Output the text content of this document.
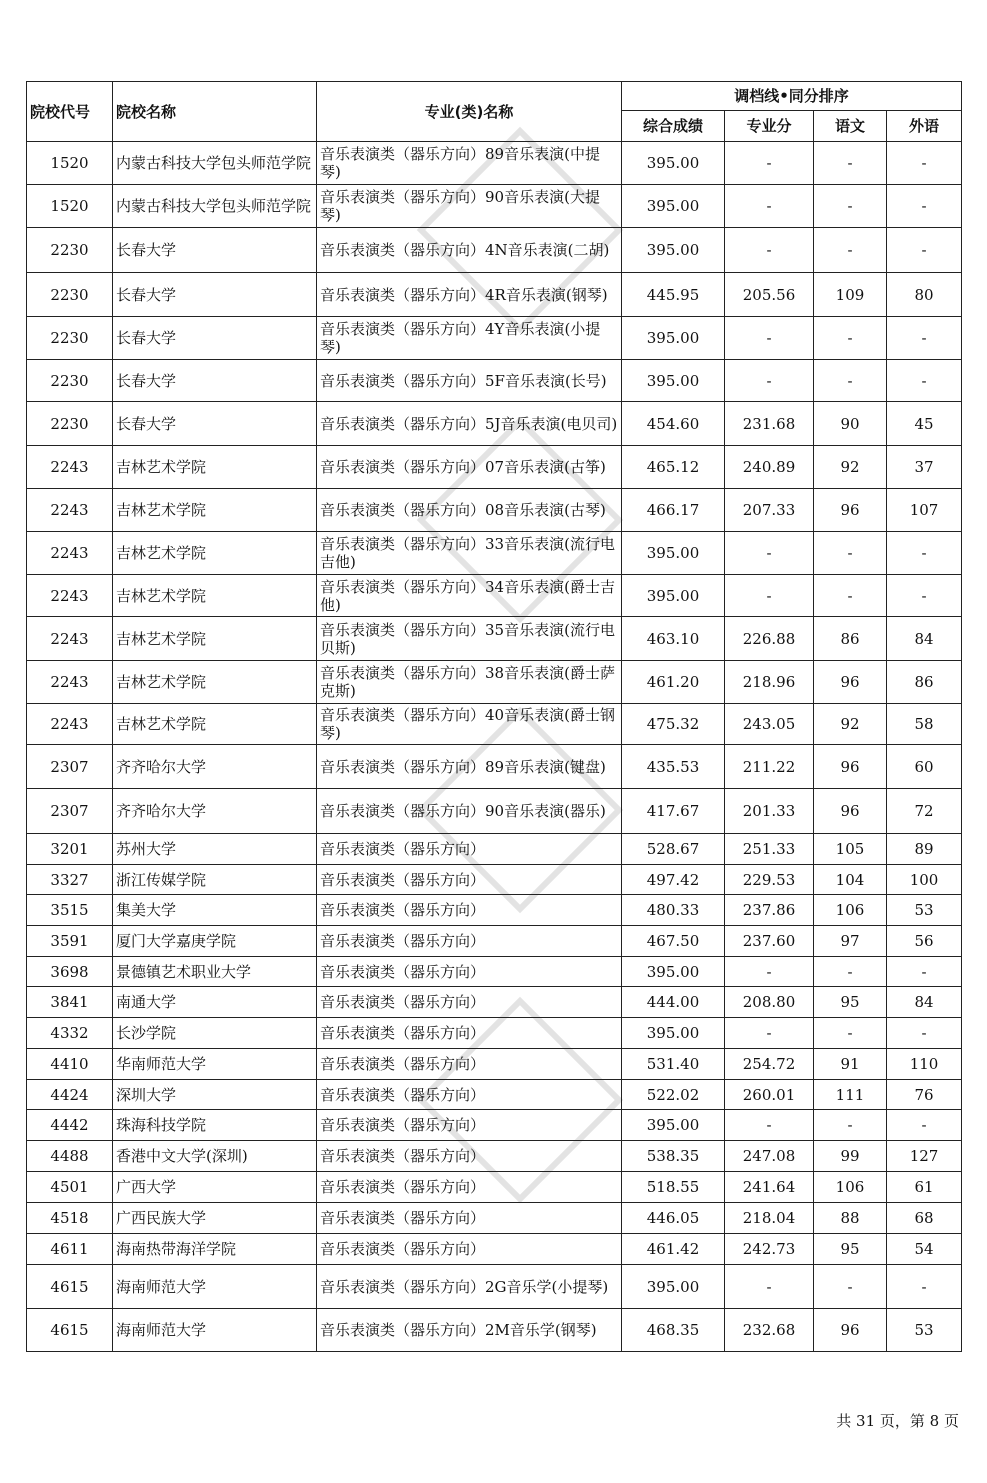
院校代号	院校名称	专业(类)名称	调档线•同分排序			
			综合成绩	专业分	语文	外语
1520	内蒙古科技大学包头师范学院	音乐表演类（器乐方向）89音乐表演(中提琴)	395.00	-	-	-
1520	内蒙古科技大学包头师范学院	音乐表演类（器乐方向）90音乐表演(大提琴)	395.00	-	-	-
2230	长春大学	音乐表演类（器乐方向）4N音乐表演(二胡)	395.00	-	-	-
2230	长春大学	音乐表演类（器乐方向）4R音乐表演(钢琴)	445.95	205.56	109	80
2230	长春大学	音乐表演类（器乐方向）4Y音乐表演(小提琴)	395.00	-	-	-
2230	长春大学	音乐表演类（器乐方向）5F音乐表演(长号)	395.00	-	-	-
2230	长春大学	音乐表演类（器乐方向）5J音乐表演(电贝司)	454.60	231.68	90	45
2243	吉林艺术学院	音乐表演类（器乐方向）07音乐表演(古筝)	465.12	240.89	92	37
2243	吉林艺术学院	音乐表演类（器乐方向）08音乐表演(古琴)	466.17	207.33	96	107
2243	吉林艺术学院	音乐表演类（器乐方向）33音乐表演(流行电吉他)	395.00	-	-	-
2243	吉林艺术学院	音乐表演类（器乐方向）34音乐表演(爵士吉他)	395.00	-	-	-
2243	吉林艺术学院	音乐表演类（器乐方向）35音乐表演(流行电贝斯)	463.10	226.88	86	84
2243	吉林艺术学院	音乐表演类（器乐方向）38音乐表演(爵士萨克斯)	461.20	218.96	96	86
2243	吉林艺术学院	音乐表演类（器乐方向）40音乐表演(爵士钢琴)	475.32	243.05	92	58
2307	齐齐哈尔大学	音乐表演类（器乐方向）89音乐表演(键盘)	435.53	211.22	96	60
2307	齐齐哈尔大学	音乐表演类（器乐方向）90音乐表演(器乐)	417.67	201.33	96	72
3201	苏州大学	音乐表演类（器乐方向）	528.67	251.33	105	89
3327	浙江传媒学院	音乐表演类（器乐方向）	497.42	229.53	104	100
3515	集美大学	音乐表演类（器乐方向）	480.33	237.86	106	53
3591	厦门大学嘉庚学院	音乐表演类（器乐方向）	467.50	237.60	97	56
3698	景德镇艺术职业大学	音乐表演类（器乐方向）	395.00	-	-	-
3841	南通大学	音乐表演类（器乐方向）	444.00	208.80	95	84
4332	长沙学院	音乐表演类（器乐方向）	395.00	-	-	-
4410	华南师范大学	音乐表演类（器乐方向）	531.40	254.72	91	110
4424	深圳大学	音乐表演类（器乐方向）	522.02	260.01	111	76
4442	珠海科技学院	音乐表演类（器乐方向）	395.00	-	-	-
4488	香港中文大学(深圳)	音乐表演类（器乐方向）	538.35	247.08	99	127
4501	广西大学	音乐表演类（器乐方向）	518.55	241.64	106	61
4518	广西民族大学	音乐表演类（器乐方向）	446.05	218.04	88	68
4611	海南热带海洋学院	音乐表演类（器乐方向）	461.42	242.73	95	54
4615	海南师范大学	音乐表演类（器乐方向）2G音乐学(小提琴)	395.00	-	-	-
4615	海南师范大学	音乐表演类（器乐方向）2M音乐学(钢琴)	468.35	232.68	96	53
共 31 页，第 8 页
